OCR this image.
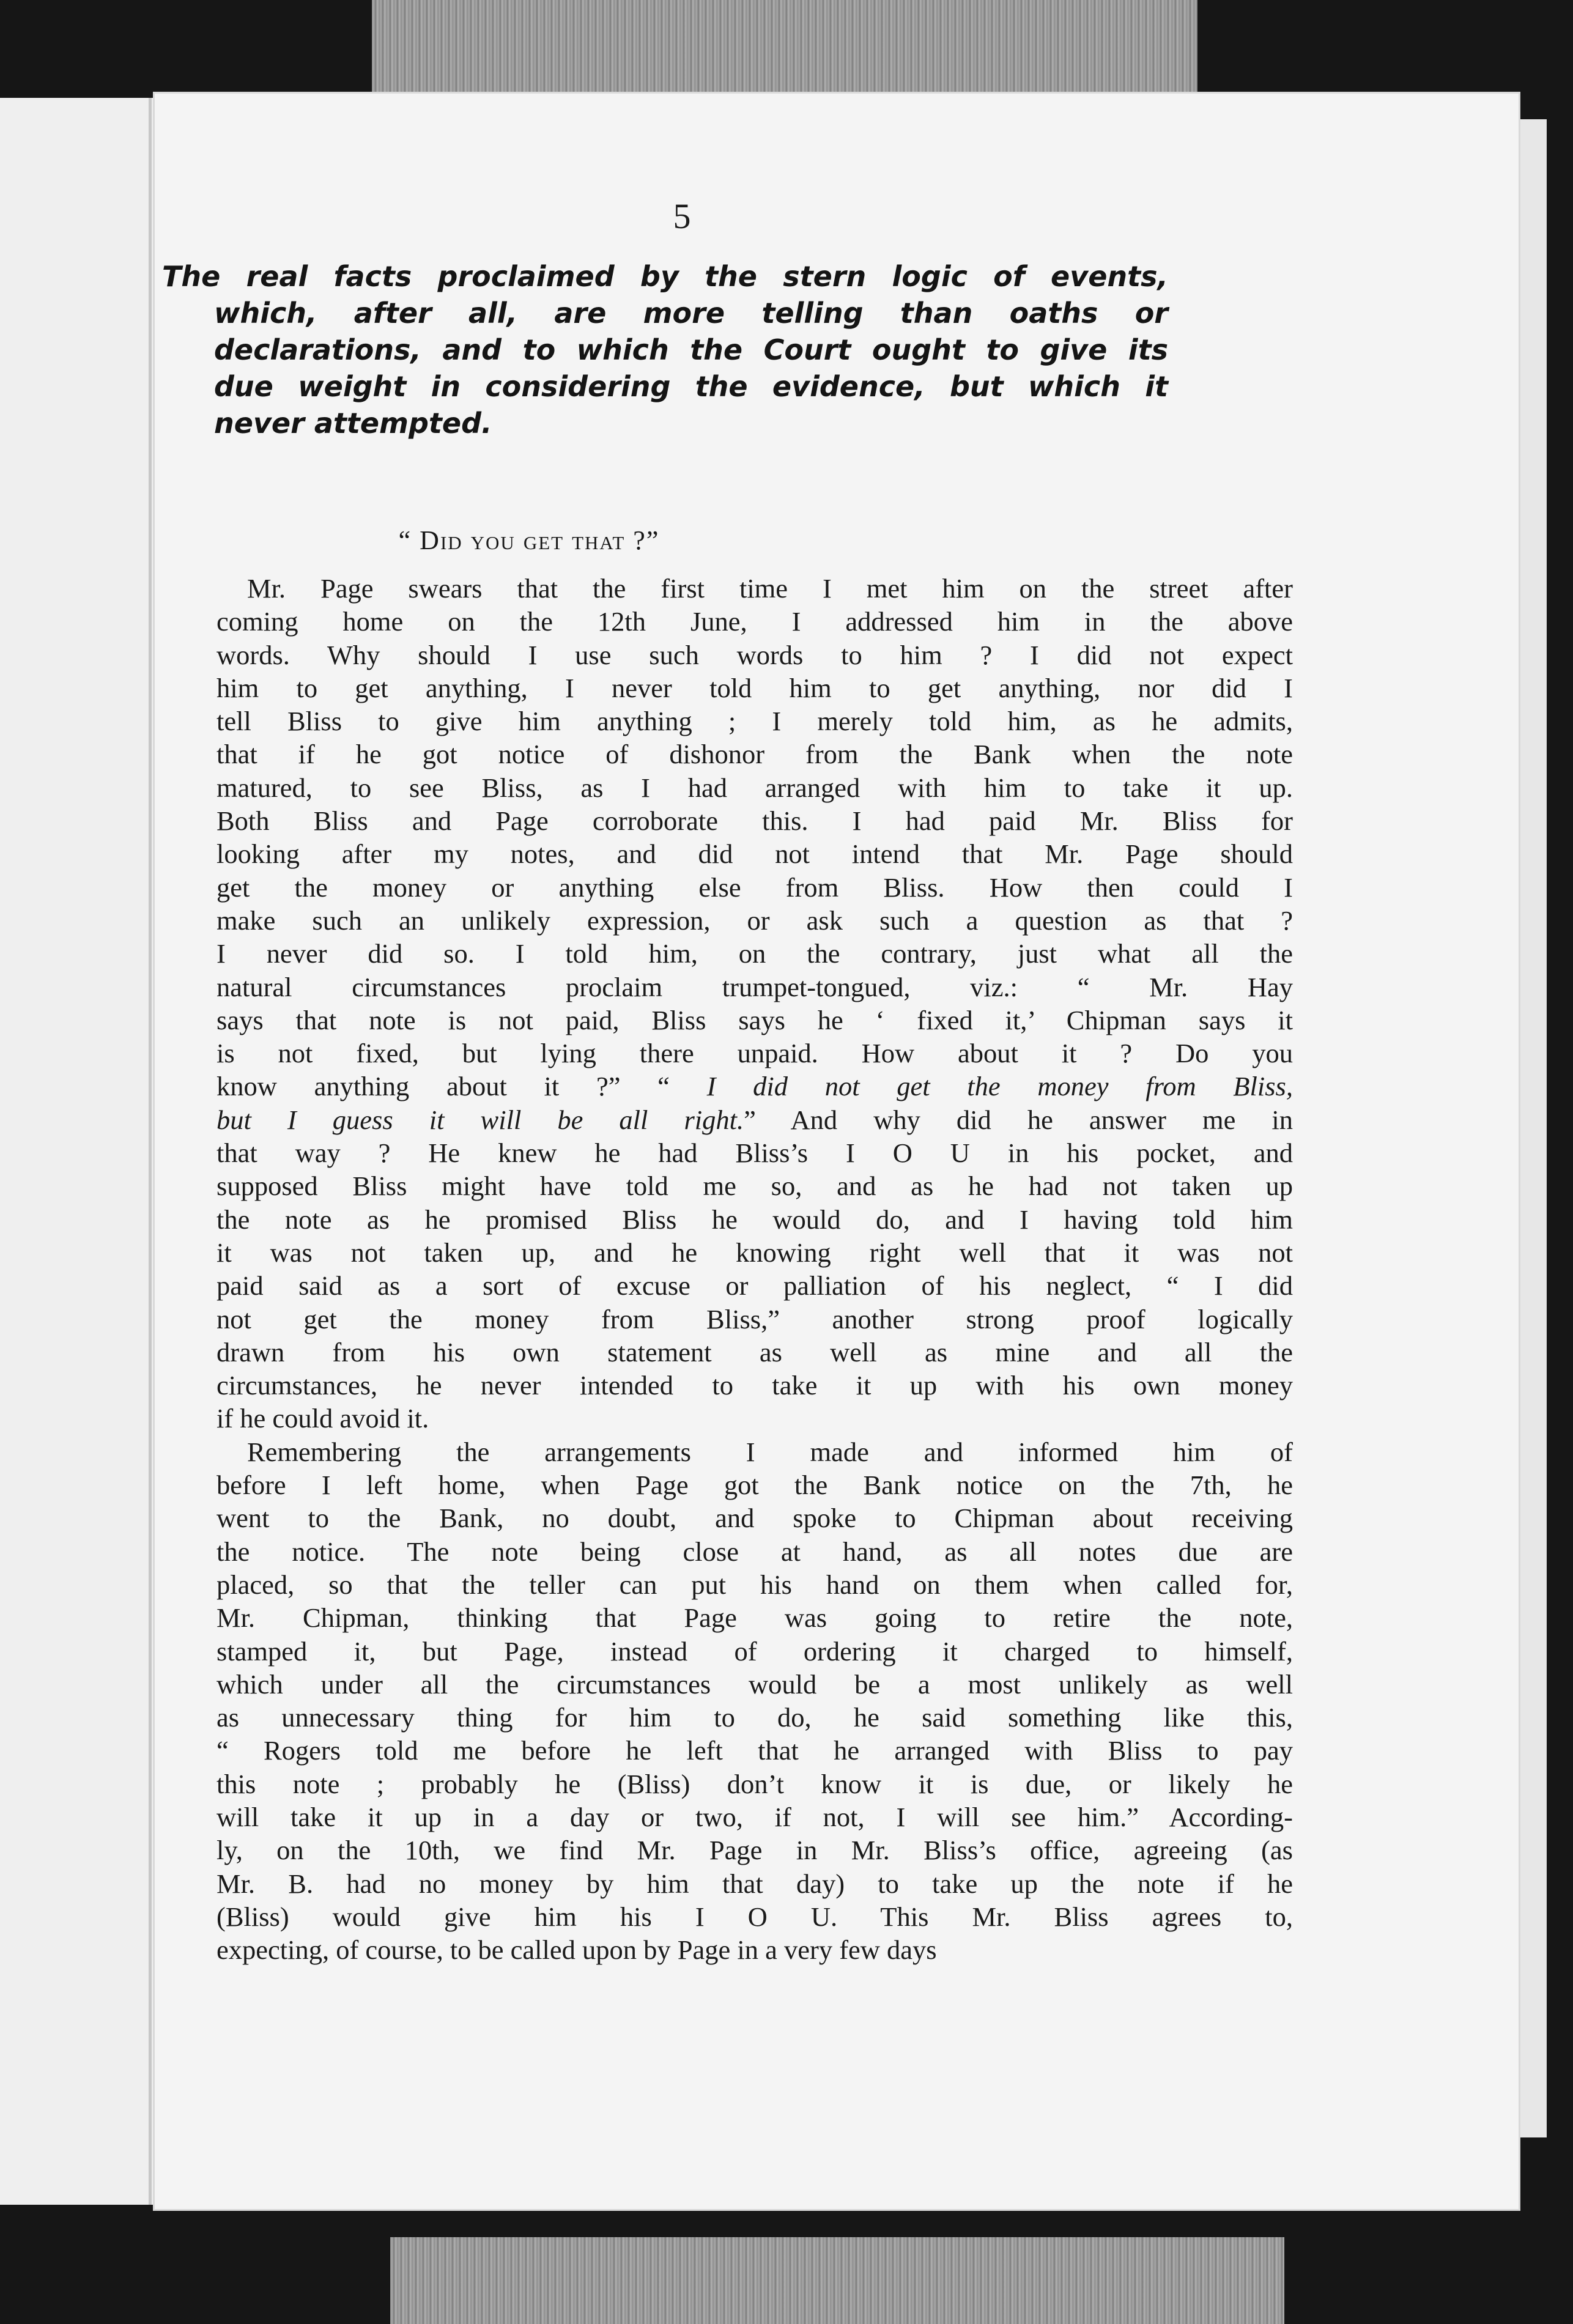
5

The real facts proclaimed by the stern logic of events,

which, after all, are more telling than oaths or

declarations, and to which the Court ought to give its

due weight in considering the evidence, but which it

never attempted.

“ Did you get that ?”

Mr. Page swears that the first time I met him on the street after
coming home on the 12th June, I addressed him in the above
words. Why should I use such words to him ? I did not expect
him to get anything, I never told him to get anything, nor did I
tell Bliss to give him anything ; I merely told him, as he admits,
that if he got notice of dishonor from the Bank when the note
matured, to see Bliss, as I had arranged with him to take it up.
Both Bliss and Page corroborate this. I had paid Mr. Bliss for
looking after my notes, and did not intend that Mr. Page should
get the money or anything else from Bliss. How then could I
make such an unlikely expression, or ask such a question as that ?
I never did so. I told him, on the contrary, just what all the
natural circumstances proclaim trumpet-tongued, viz.: “ Mr. Hay
says that note is not paid, Bliss says he ‘ fixed it,’ Chipman says it
is not fixed, but lying there unpaid. How about it ? Do you
know anything about it ?” “ I did not get the money from Bliss,
but I guess it will be all right.” And why did he answer me in
that way ? He knew he had Bliss’s I O U in his pocket, and
supposed Bliss might have told me so, and as he had not taken up
the note as he promised Bliss he would do, and I having told him
it was not taken up, and he knowing right well that it was not
paid said as a sort of excuse or palliation of his neglect, “ I did
not get the money from Bliss,” another strong proof logically
drawn from his own statement as well as mine and all the
circumstances, he never intended to take it up with his own money
if he could avoid it.

Remembering the arrangements I made and informed him of
before I left home, when Page got the Bank notice on the 7th, he
went to the Bank, no doubt, and spoke to Chipman about receiving
the notice. The note being close at hand, as all notes due are
placed, so that the teller can put his hand on them when called for,
Mr. Chipman, thinking that Page was going to retire the note,
stamped it, but Page, instead of ordering it charged to himself,
which under all the circumstances would be a most unlikely as well
as unnecessary thing for him to do, he said something like this,
“ Rogers told me before he left that he arranged with Bliss to pay
this note ; probably he (Bliss) don’t know it is due, or likely he
will take it up in a day or two, if not, I will see him.” According-
ly, on the 10th, we find Mr. Page in Mr. Bliss’s office, agreeing (as
Mr. B. had no money by him that day) to take up the note if he
(Bliss) would give him his I O U. This Mr. Bliss agrees to,
expecting, of course, to be called upon by Page in a very few days
